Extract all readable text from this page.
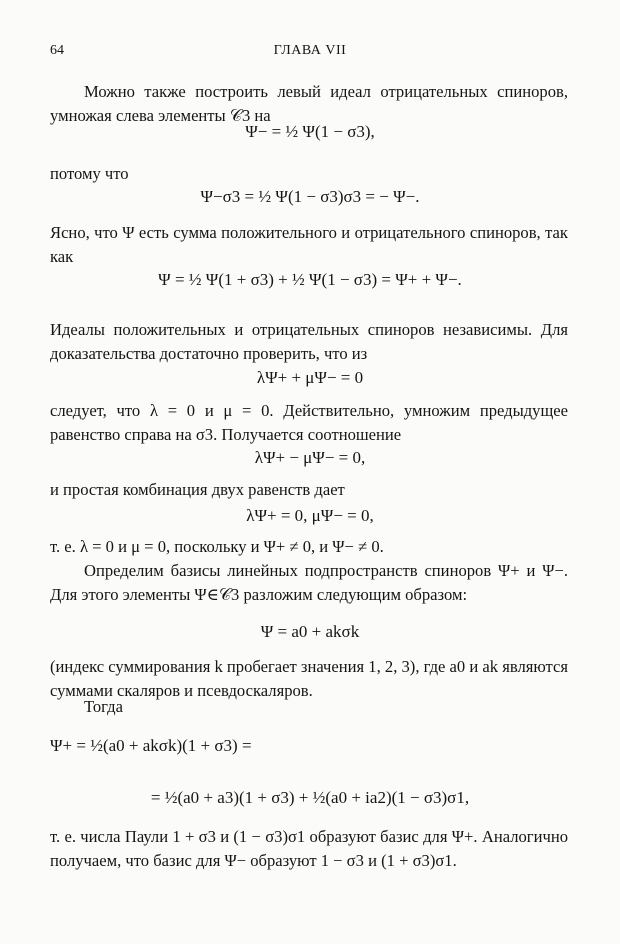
64	ГЛАВА VII

Можно также построить левый идеал отрицательных спиноров, умножая слева элементы 𝒞3 на

Ψ− = ½ Ψ(1 − σ3),

потому что

Ψ−σ3 = ½ Ψ(1 − σ3)σ3 = − Ψ−.

Ясно, что Ψ есть сумма положительного и отрицательного спиноров, так как

Ψ = ½ Ψ(1 + σ3) + ½ Ψ(1 − σ3) = Ψ+ + Ψ−.

Идеалы положительных и отрицательных спиноров независимы. Для доказательства достаточно проверить, что из

λΨ+ + μΨ− = 0

следует, что λ = 0 и μ = 0. Действительно, умножим предыдущее равенство справа на σ3. Получается соотношение

λΨ+ − μΨ− = 0,

и простая комбинация двух равенств дает

λΨ+ = 0, μΨ− = 0,

т. е. λ = 0 и μ = 0, поскольку и Ψ+ ≠ 0, и Ψ− ≠ 0.

Определим базисы линейных подпространств спиноров Ψ+ и Ψ−. Для этого элементы Ψ∈𝒞3 разложим следующим образом:

Ψ = a0 + akσk

(индекс суммирования k пробегает значения 1, 2, 3), где a0 и ak являются суммами скаляров и псевдоскаляров.

Тогда

Ψ+ = ½(a0 + akσk)(1 + σ3) =
= ½(a0 + a3)(1 + σ3) + ½(a0 + ia2)(1 − σ3)σ1,

т. е. числа Паули 1 + σ3 и (1 − σ3)σ1 образуют базис для Ψ+. Аналогично получаем, что базис для Ψ− образуют 1 − σ3 и (1 + σ3)σ1.
